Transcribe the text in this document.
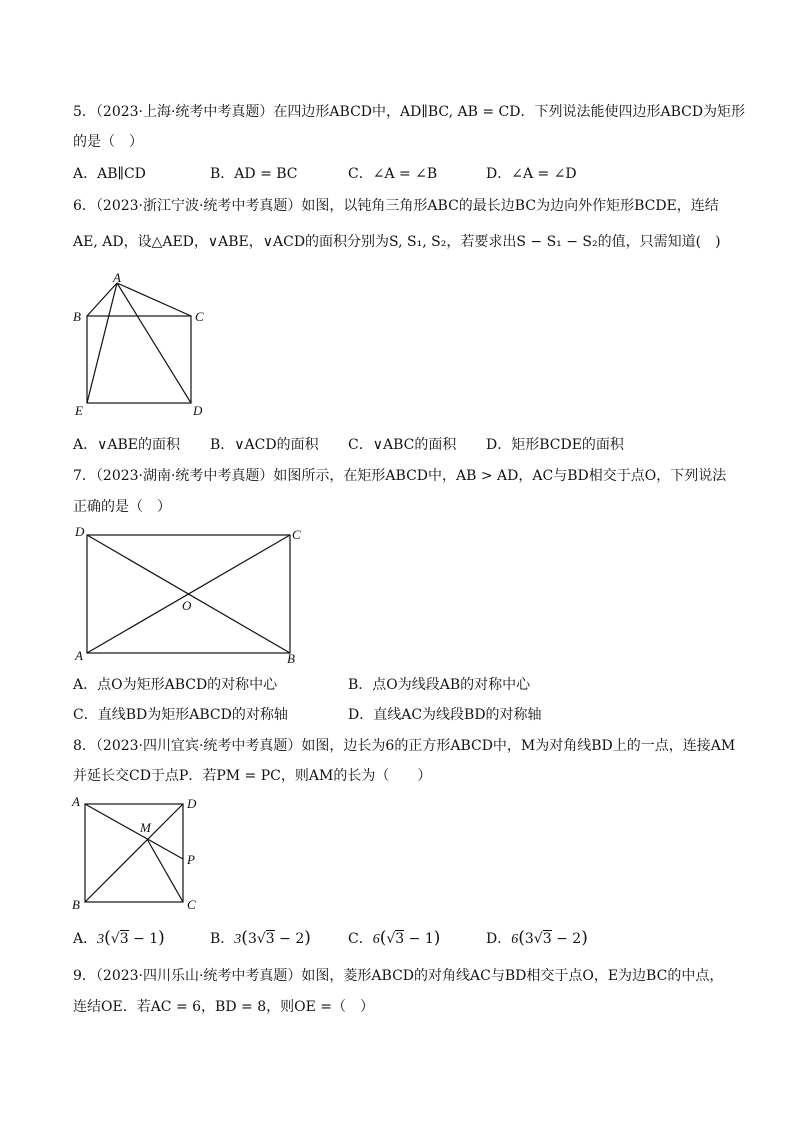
5．（2023·上海·统考中考真题）在四边形ABCD中，AD∥BC, AB = CD．下列说法能使四边形ABCD为矩形
的是（　）
A．AB∥CD	B．AD = BC	C．∠A = ∠B	D．∠A = ∠D
6．（2023·浙江宁波·统考中考真题）如图，以钝角三角形ABC的最长边BC为边向外作矩形BCDE，连结
AE, AD，设△AED，∨ABE，∨ACD的面积分别为S, S₁, S₂，若要求出S − S₁ − S₂的值，只需知道(　)
A
B	C
E	D
A．∨ABE的面积 B．∨ACD的面积 C．∨ABC的面积 D．矩形BCDE的面积
7．（2023·湖南·统考中考真题）如图所示，在矩形ABCD中，AB > AD，AC与BD相交于点O，下列说法
正确的是（　）
D	C
O
A	B
A．点O为矩形ABCD的对称中心	B．点O为线段AB的对称中心
C．直线BD为矩形ABCD的对称轴	D．直线AC为线段BD的对称轴
8．（2023·四川宜宾·统考中考真题）如图，边长为6的正方形ABCD中，M为对角线BD上的一点，连接AM
并延长交CD于点P．若PM = PC，则AM的长为（　　）
A	D
M
P
B	C
A．3(√3 − 1)	B．3(3√3 − 2)	C．6(√3 − 1)	D．6(3√3 − 2)
9．（2023·四川乐山·统考中考真题）如图，菱形ABCD的对角线AC与BD相交于点O，E为边BC的中点，
连结OE．若AC = 6，BD = 8，则OE =（　）
